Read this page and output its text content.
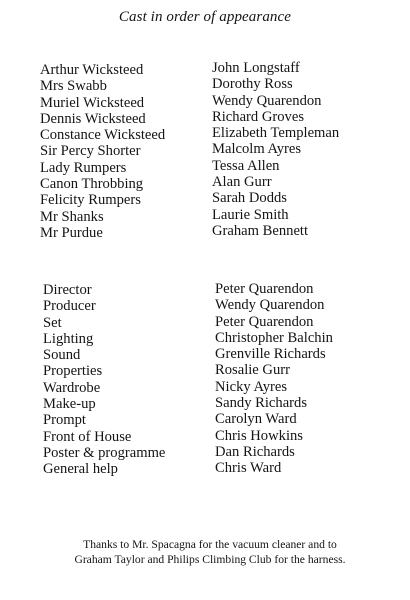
Cast in order of appearance
Arthur Wicksteed
Mrs Swabb
Muriel Wicksteed
Dennis Wicksteed
Constance Wicksteed
Sir Percy Shorter
Lady Rumpers
Canon Throbbing
Felicity Rumpers
Mr Shanks
Mr Purdue
John Longstaff
Dorothy Ross
Wendy Quarendon
Richard Groves
Elizabeth Templeman
Malcolm Ayres
Tessa Allen
Alan Gurr
Sarah Dodds
Laurie Smith
Graham Bennett
Director
Producer
Set
Lighting
Sound
Properties
Wardrobe
Make-up
Prompt
Front of House
Poster & programme
General help
Peter Quarendon
Wendy Quarendon
Peter Quarendon
Christopher Balchin
Grenville Richards
Rosalie Gurr
Nicky Ayres
Sandy Richards
Carolyn Ward
Chris Howkins
Dan Richards
Chris Ward
Thanks to Mr. Spacagna for the vacuum cleaner and to
Graham Taylor and Philips Climbing Club for the harness.
